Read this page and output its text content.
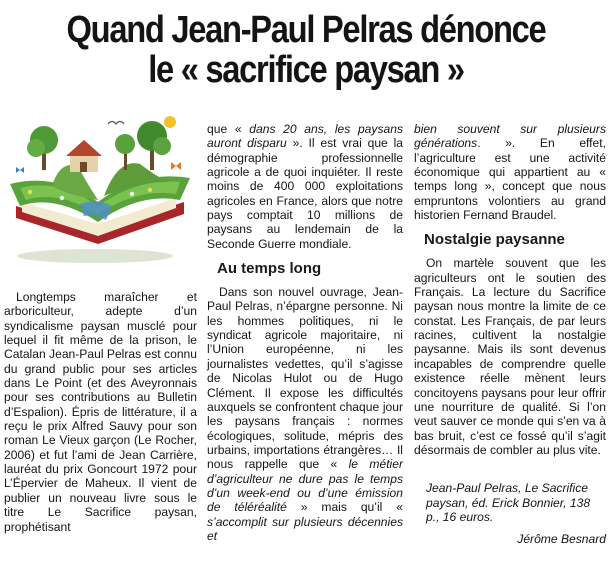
Quand Jean-Paul Pelras dénonce
le « sacrifice paysan »

Longtemps maraîcher et arboriculteur, adepte d’un syndicalisme paysan musclé pour lequel il fit même de la prison, le Catalan Jean-Paul Pelras est connu du grand public pour ses articles dans Le Point (et des Aveyronnais pour ses contributions au Bulletin d’Espalion). Épris de littérature, il a reçu le prix Alfred Sauvy pour son roman Le Vieux garçon (Le Rocher, 2006) et fut l’ami de Jean Carrière, lauréat du prix Goncourt 1972 pour L’Épervier de Maheux. Il vient de publier un nouveau livre sous le titre Le Sacrifice paysan, prophétisant

que « dans 20 ans, les paysans auront disparu ». Il est vrai que la démographie professionnelle agricole a de quoi inquiéter. Il reste moins de 400 000 exploitations agricoles en France, alors que notre pays comptait 10 millions de paysans au lendemain de la Seconde Guerre mondiale.

Au temps long

Dans son nouvel ouvrage, Jean-Paul Pelras, n’épargne personne. Ni les hommes politiques, ni le syndicat agricole majoritaire, ni l’Union européenne, ni les journalistes vedettes, qu’il s’agisse de Nicolas Hulot ou de Hugo Clément. Il expose les difficultés auxquels se confrontent chaque jour les paysans français : normes écologiques, solitude, mépris des urbains, importations étrangères… Il nous rappelle que « le métier d’agriculteur ne dure pas le temps d’un week-end ou d’une émission de téléréalité » mais qu’il « s’accomplit sur plusieurs décennies et

bien souvent sur plusieurs générations. ». En effet, l’agriculture est une activité économique qui appartient au « temps long », concept que nous empruntons volontiers au grand historien Fernand Braudel.

Nostalgie paysanne

On martèle souvent que les agriculteurs ont le soutien des Français. La lecture du Sacrifice paysan nous montre la limite de ce constat. Les Français, de par leurs racines, cultivent la nostalgie paysanne. Mais ils sont devenus incapables de comprendre quelle existence réelle mènent leurs concitoyens paysans pour leur offrir une nourriture de qualité. Si l’on veut sauver ce monde qui s’en va à bas bruit, c’est ce fossé qu’il s’agit désormais de combler au plus vite.

Jean-Paul Pelras, Le Sacrifice paysan, éd. Erick Bonnier, 138 p., 16 euros.

Jérôme Besnard
